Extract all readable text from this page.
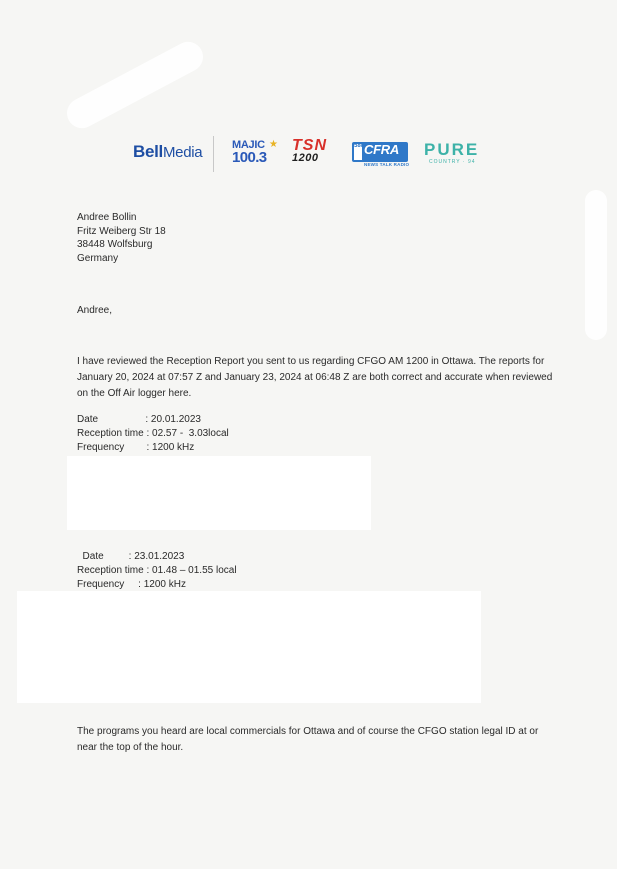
BellMedia	MAJIC
100.3
★ TSN
1200
580 CFRA
NEWS TALK RADIO
PURE
COUNTRY · 94
Andree Bollin
Fritz Weiberg Str 18
38448 Wolfsburg
Germany
Andree,
I have reviewed the Reception Report you sent to us regarding CFGO AM 1200 in Ottawa. The reports for January 20, 2024 at 07:57 Z and January 23, 2024 at 06:48 Z are both correct and accurate when reviewed on the Off Air logger here.
Date                 : 20.01.2023
Reception time : 02.57 -  3.03local
Frequency        : 1200 kHz
Date         : 23.01.2023
Reception time : 01.48 – 01.55 local
Frequency     : 1200 kHz
The programs you heard are local commercials for Ottawa and of course the CFGO station legal ID at or near the top of the hour.
